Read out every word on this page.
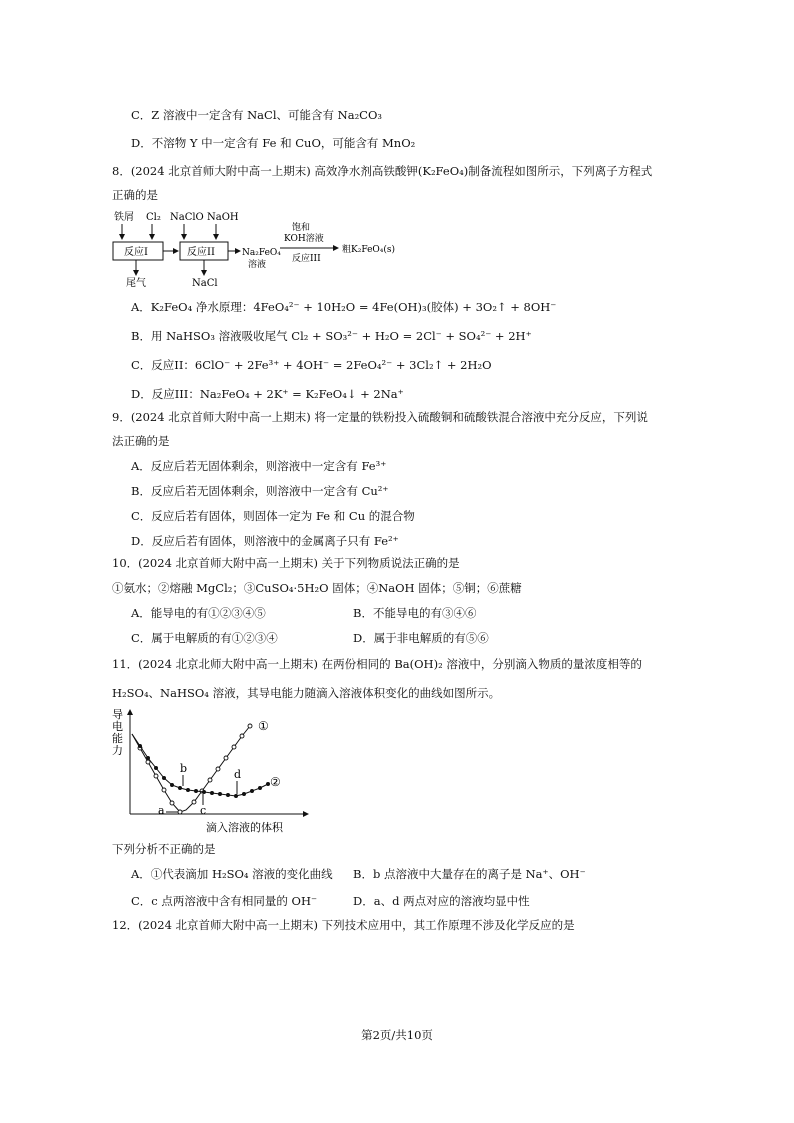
C．Z 溶液中一定含有 NaCl、可能含有 Na₂CO₃
D．不溶物 Y 中一定含有 Fe 和 CuO，可能含有 MnO₂
8．(2024 北京首师大附中高一上期末) 高效净水剂高铁酸钾(K₂FeO₄)制备流程如图所示，下列离子方程式
正确的是
铁屑 Cl₂ NaClO NaOH
反应I	反应II	Na₂FeO₄
溶液
尾气	NaCl
饱和
KOH溶液
反应III
粗K₂FeO₄(s)
A．K₂FeO₄ 净水原理：4FeO₄²⁻ + 10H₂O = 4Fe(OH)₃(胶体) + 3O₂↑ + 8OH⁻
B．用 NaHSO₃ 溶液吸收尾气 Cl₂ + SO₃²⁻ + H₂O = 2Cl⁻ + SO₄²⁻ + 2H⁺
C．反应II：6ClO⁻ + 2Fe³⁺ + 4OH⁻ = 2FeO₄²⁻ + 3Cl₂↑ + 2H₂O
D．反应III：Na₂FeO₄ + 2K⁺ = K₂FeO₄↓ + 2Na⁺
9．(2024 北京首师大附中高一上期末) 将一定量的铁粉投入硫酸铜和硫酸铁混合溶液中充分反应，下列说
法正确的是
A．反应后若无固体剩余，则溶液中一定含有 Fe³⁺
B．反应后若无固体剩余，则溶液中一定含有 Cu²⁺
C．反应后若有固体，则固体一定为 Fe 和 Cu 的混合物
D．反应后若有固体，则溶液中的金属离子只有 Fe²⁺
10．(2024 北京首师大附中高一上期末) 关于下列物质说法正确的是
①氨水；②熔融 MgCl₂；③CuSO₄·5H₂O 固体；④NaOH 固体；⑤铜；⑥蔗糖
A．能导电的有①②③④⑤	B．不能导电的有③④⑥
C．属于电解质的有①②③④	D．属于非电解质的有⑤⑥
11．(2024 北京北师大附中高一上期末) 在两份相同的 Ba(OH)₂ 溶液中，分别滴入物质的量浓度相等的
H₂SO₄、NaHSO₄ 溶液，其导电能力随滴入溶液体积变化的曲线如图所示。
导
电
能
力
①
②
b	d
a	c
滴入溶液的体积
下列分析不正确的是
A．①代表滴加 H₂SO₄ 溶液的变化曲线 B．b 点溶液中大量存在的离子是 Na⁺、OH⁻
C．c 点两溶液中含有相同量的 OH⁻	D．a、d 两点对应的溶液均显中性
12．(2024 北京首师大附中高一上期末) 下列技术应用中，其工作原理不涉及化学反应的是
第2页/共10页
